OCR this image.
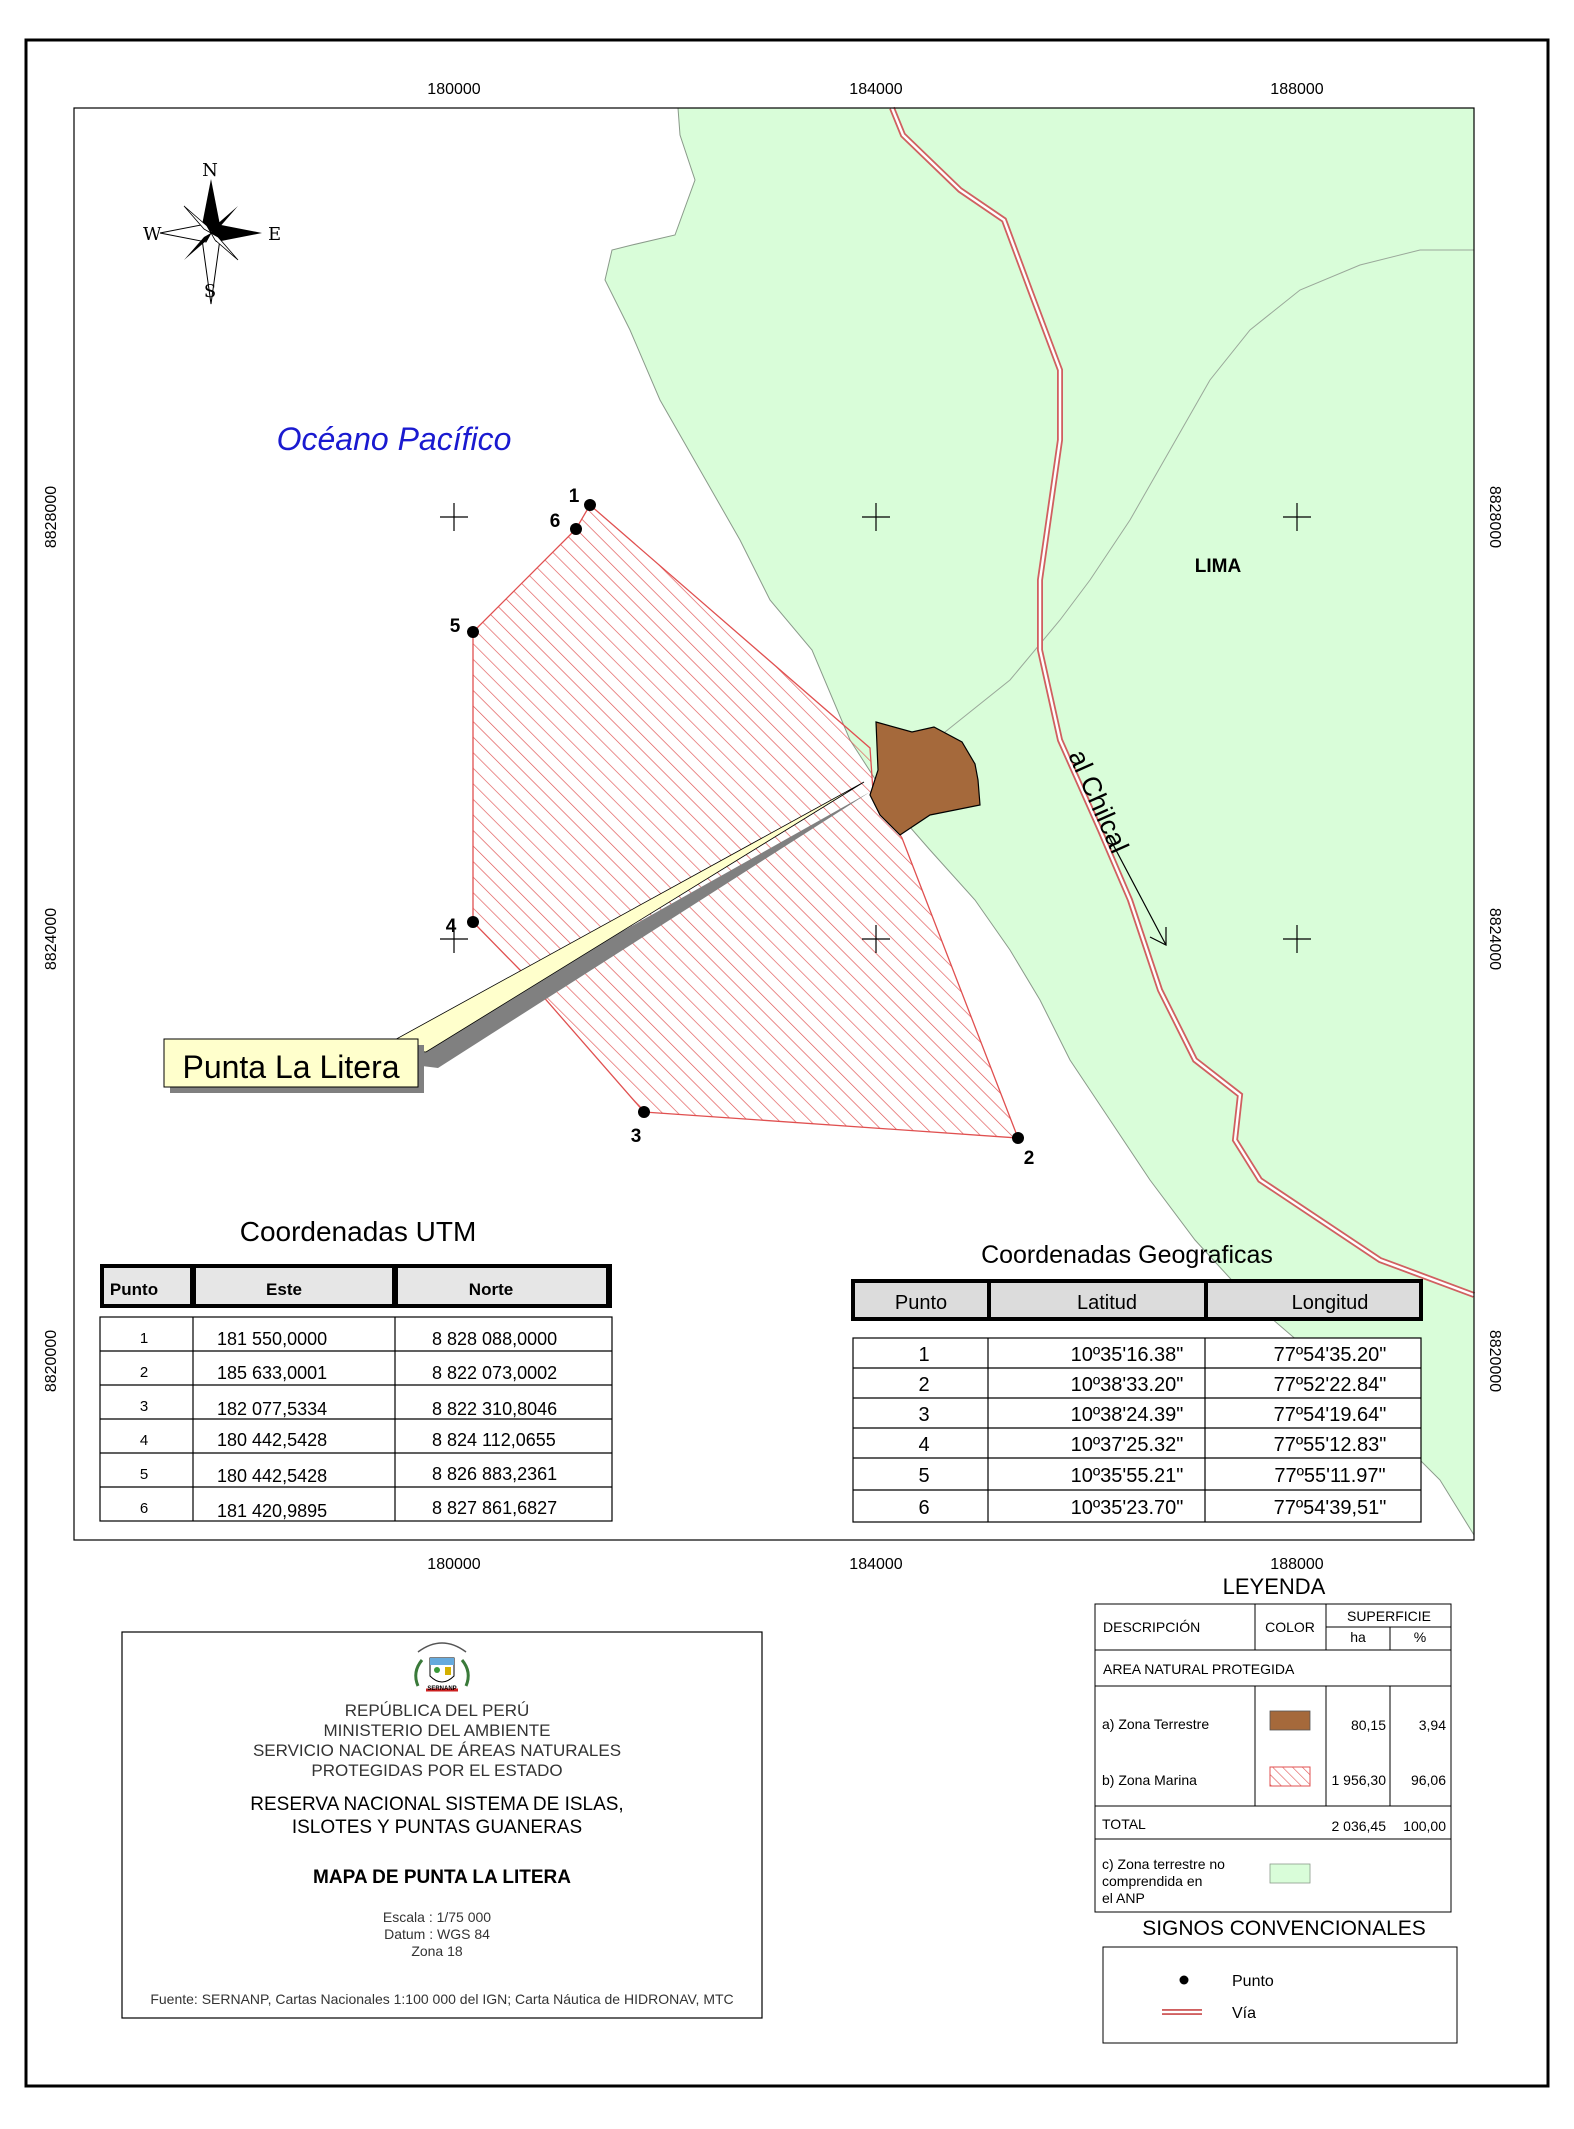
Punta La Litera
1
6
5
4
3
2
Océano Pacífico
LIMA
al Chilcal
N
S
E
W
180000	184000	188000
180000	184000	188000
8828000
8824000
8820000
8828000
8824000
8820000
Coordenadas UTM
Punto	Este	Norte
1	181 550,0000	8 828 088,0000
2	185 633,0001	8 822 073,0002
3	182 077,5334	8 822 310,8046
4	180 442,5428	8 824 112,0655
5	180 442,5428	8 826 883,2361
6	181 420,9895	8 827 861,6827
Coordenadas Geograficas
Punto	Latitud	Longitud
1	10º35'16.38"	77º54'35.20"
2	10º38'33.20"	77º52'22.84"
3	10º38'24.39"	77º54'19.64"
4	10º37'25.32"	77º55'12.83"
5	10º35'55.21"	77º55'11.97"
6	10º35'23.70"	77º54'39,51"
SERNANP
REPÚBLICA DEL PERÚ
MINISTERIO DEL AMBIENTE
SERVICIO NACIONAL DE ÁREAS NATURALES
PROTEGIDAS POR EL ESTADO
RESERVA NACIONAL SISTEMA DE ISLAS,
ISLOTES Y PUNTAS GUANERAS
MAPA DE PUNTA LA LITERA
Escala : 1/75 000
Datum : WGS 84
Zona 18
Fuente: SERNANP, Cartas Nacionales 1:100 000 del IGN; Carta Náutica de HIDRONAV, MTC
LEYENDA
DESCRIPCIÓN	COLOR
SUPERFICIE
ha	%
AREA NATURAL PROTEGIDA
a) Zona Terrestre	80,15 3,94
b) Zona Marina	1 956,30 96,06
TOTAL	2 036,45 100,00
c) Zona terrestre no
comprendida en
el ANP
SIGNOS CONVENCIONALES
Punto
Vía
